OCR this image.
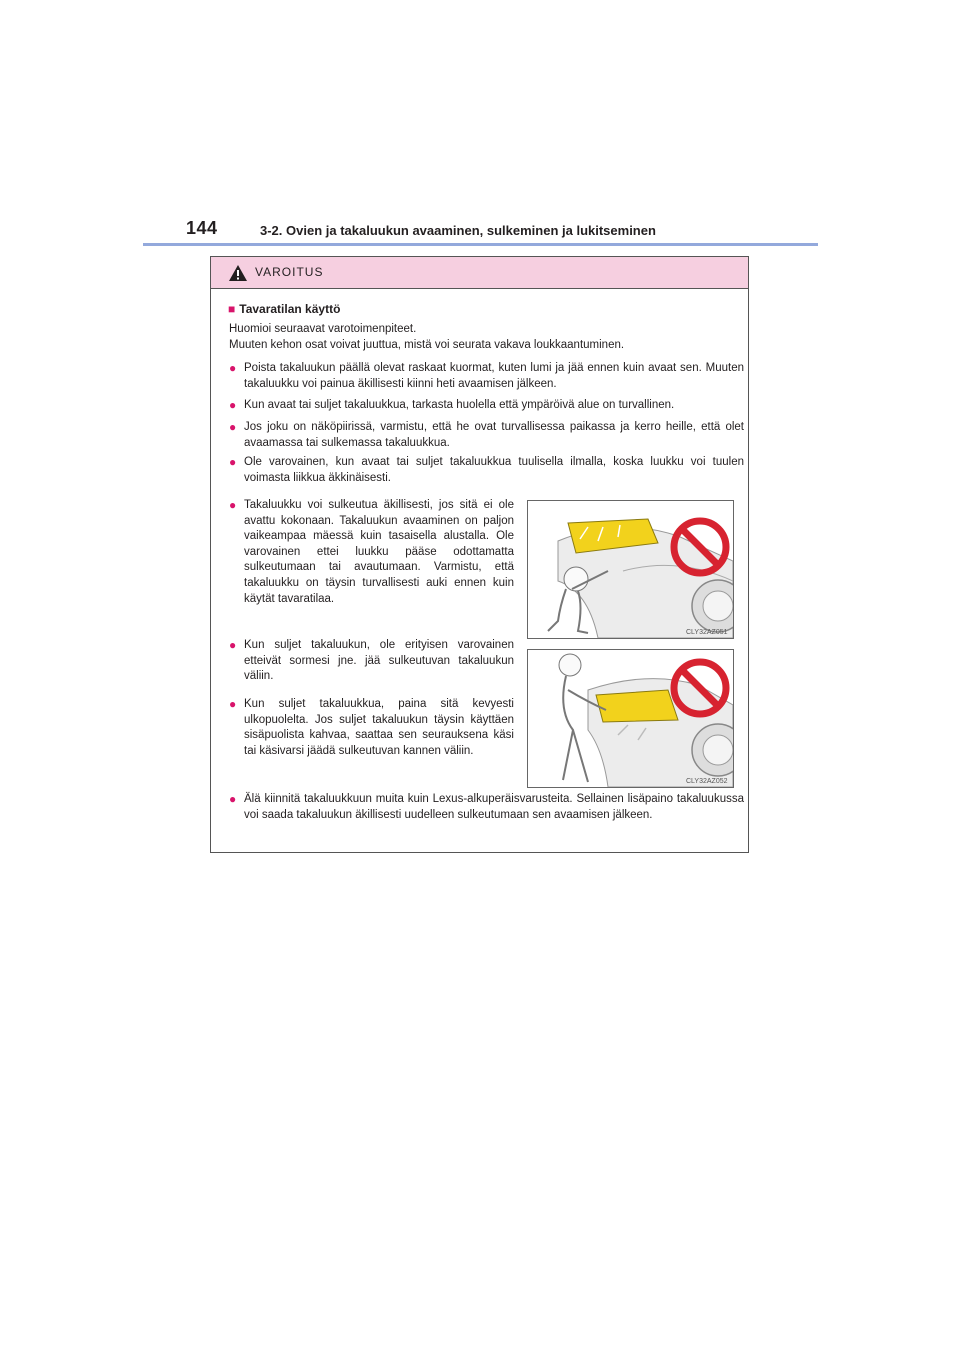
144	3-2. Ovien ja takaluukun avaaminen, sulkeminen ja lukitseminen
VAROITUS
■ Tavaratilan käyttö
Huomioi seuraavat varotoimenpiteet.
Muuten kehon osat voivat juuttua, mistä voi seurata vakava loukkaantuminen.
● Poista takaluukun päällä olevat raskaat kuormat, kuten lumi ja jää ennen kuin avaat sen. Muuten takaluukku voi painua äkillisesti kiinni heti avaamisen jälkeen.
● Kun avaat tai suljet takaluukkua, tarkasta huolella että ympäröivä alue on turvallinen.
● Jos joku on näköpiirissä, varmistu, että he ovat turvallisessa paikassa ja kerro heille, että olet avaamassa tai sulkemassa takaluukkua.
● Ole varovainen, kun avaat tai suljet takaluukkua tuulisella ilmalla, koska luukku voi tuulen voimasta liikkua äkkinäisesti.
● Takaluukku voi sulkeutua äkillisesti, jos sitä ei ole avattu kokonaan. Takaluukun avaaminen on paljon vaikeampaa mäessä kuin tasaisella alustalla. Ole varovainen ettei luukku pääse odottamatta sulkeutumaan tai avautumaan. Varmistu, että takaluukku on täysin turvallisesti auki ennen kuin käytät tavaratilaa.
CLY32AZ051
● Kun suljet takaluukun, ole erityisen varovainen etteivät sormesi jne. jää sulkeutuvan takaluukun väliin.
● Kun suljet takaluukkua, paina sitä kevyesti ulkopuolelta. Jos suljet takaluukun täysin käyttäen sisäpuolista kahvaa, saattaa sen seurauksena käsi tai käsivarsi jäädä sulkeutuvan kannen väliin.
CLY32AZ052
● Älä kiinnitä takaluukkuun muita kuin Lexus-alkuperäisvarusteita. Sellainen lisäpaino takaluukussa voi saada takaluukun äkillisesti uudelleen sulkeutumaan sen avaamisen jälkeen.
